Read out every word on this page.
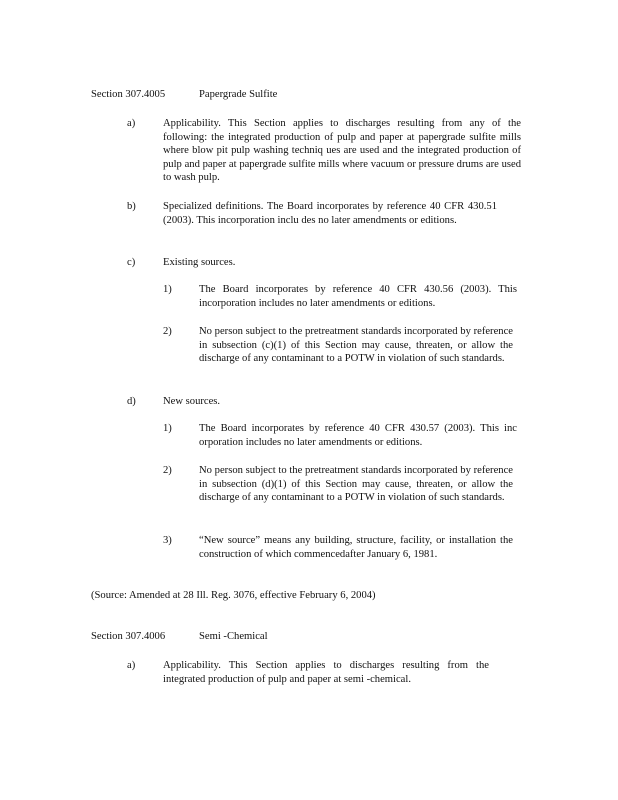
Section 307.4005	Papergrade Sulfite
a)	Applicability. This Section applies to discharges resulting from any of the following: the integrated production of pulp and paper at papergrade sulfite mills where blow pit pulp washing techniq ues are used and the integrated production of pulp and paper at papergrade sulfite mills where vacuum or pressure drums are used to wash pulp.
b)	Specialized definitions. The Board incorporates by reference 40 CFR 430.51 (2003). This incorporation inclu des no later amendments or editions.
c)	Existing sources.
1)	The Board incorporates by reference 40 CFR 430.56 (2003). This incorporation includes no later amendments or editions.
2)	No person subject to the pretreatment standards incorporated by reference in subsection (c)(1) of this Section may cause, threaten, or allow the discharge of any contaminant to a POTW in violation of such standards.
d)	New sources.
1)	The Board incorporates by reference 40 CFR 430.57 (2003). This inc orporation includes no later amendments or editions.
2)	No person subject to the pretreatment standards incorporated by reference in subsection (d)(1) of this Section may cause, threaten, or allow the discharge of any contaminant to a POTW in violation of such standards.
3)	“New source” means any building, structure, facility, or installation the construction of which commencedafter January 6, 1981.
(Source: Amended at 28 Ill. Reg. 3076, effective February 6, 2004)
Section 307.4006	Semi -Chemical
a)	Applicability. This Section applies to discharges resulting from the integrated production of pulp and paper at semi -chemical.
